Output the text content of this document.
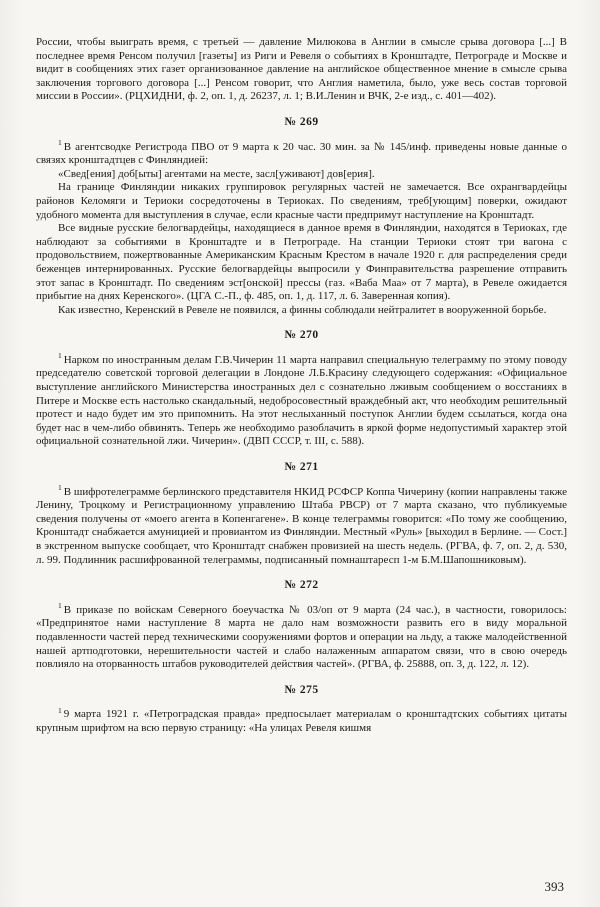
России, чтобы выиграть время, с третьей — давление Милюкова в Англии в смысле срыва договора [...] В последнее время Ренсом получил [газеты] из Риги и Ревеля о событиях в Кронштадте, Петрограде и Москве и видит в сообщениях этих газет организованное давление на английское общественное мнение в смысле срыва заключения торгового договора [...] Ренсом говорит, что Англия наметила, было, уже весь состав торговой миссии в России». (РЦХИДНИ, ф. 2, оп. 1, д. 26237, л. 1; В.И.Ленин и ВЧК, 2-е изд., с. 401—402).

№ 269

$^1$ В агентсводке Регистрода ПВО от 9 марта к 20 час. 30 мин. за № 145/инф. приведены новые данные о связях кронштадтцев с Финляндией:

«Свед[ения] доб[ыты] агентами на месте, засл[уживают] дов[ерия].

На границе Финляндии никаких группировок регулярных частей не замечается. Все охрангвардейцы районов Келомяги и Териоки сосредоточены в Териоках. По сведениям, треб[ующим] поверки, ожидают удобного момента для выступления в случае, если красные части предпримут наступление на Кронштадт.

Все видные русские белогвардейцы, находящиеся в данное время в Финляндии, находятся в Териоках, где наблюдают за событиями в Кронштадте и в Петрограде. На станции Териоки стоят три вагона с продовольствием, пожертвованные Американским Красным Крестом в начале 1920 г. для распределения среди беженцев интернированных. Русские белогвардейцы выпросили у Финправительства разрешение отправить этот запас в Кронштадт. По сведениям эст[онской] прессы (газ. «Ваба Маа» от 7 марта), в Ревеле ожидается прибытие на днях Керенского». (ЦГА С.-П., ф. 485, оп. 1, д. 117, л. 6. Заверенная копия).

Как известно, Керенский в Ревеле не появился, а финны соблюдали нейтралитет в вооруженной борьбе.

№ 270

$^1$ Нарком по иностранным делам Г.В.Чичерин 11 марта направил специальную телеграмму по этому поводу председателю советской торговой делегации в Лондоне Л.Б.Красину следующего содержания: «Официальное выступление английского Министерства иностранных дел с сознательно лживым сообщением о восстаниях в Питере и Москве есть настолько скандальный, недобросовестный враждебный акт, что необходим решительный протест и надо будет им это припомнить. На этот неслыханный поступок Англии будем ссылаться, когда она будет нас в чем-либо обвинять. Теперь же необходимо разоблачить в яркой форме недопустимый характер этой официальной сознательной лжи. Чичерин». (ДВП СССР, т. III, с. 588).

№ 271

$^1$ В шифротелеграмме берлинского представителя НКИД РСФСР Коппа Чичерину (копии направлены также Ленину, Троцкому и Регистрационному управлению Штаба РВСР) от 7 марта сказано, что публикуемые сведения получены от «моего агента в Копенгагене». В конце телеграммы говорится: «По тому же сообщению, Кронштадт снабжается амуницией и провиантом из Финляндии. Местный «Руль» [выходил в Берлине. — Сост.] в экстренном выпуске сообщает, что Кронштадт снабжен провизией на шесть недель. (РГВА, ф. 7, оп. 2, д. 530, л. 99. Подлинник расшифрованной телеграммы, подписанный помнаштаресп 1-м Б.М.Шапошниковым).

№ 272

$^1$ В приказе по войскам Северного боеучастка № 03/оп от 9 марта (24 час.), в частности, говорилось: «Предпринятое нами наступление 8 марта не дало нам возможности развить его в виду моральной подавленности частей перед техническими сооружениями фортов и операции на льду, а также малодейственной нашей артподготовки, нерешительности частей и слабо налаженным аппаратом связи, что в свою очередь повлияло на оторванность штабов руководителей действия частей». (РГВА, ф. 25888, оп. 3, д. 122, л. 12).

№ 275

$^1$ 9 марта 1921 г. «Петроградская правда» предпосылает материалам о кронштадтских событиях цитаты крупным шрифтом на всю первую страницу: «На улицах Ревеля кишмя

393
